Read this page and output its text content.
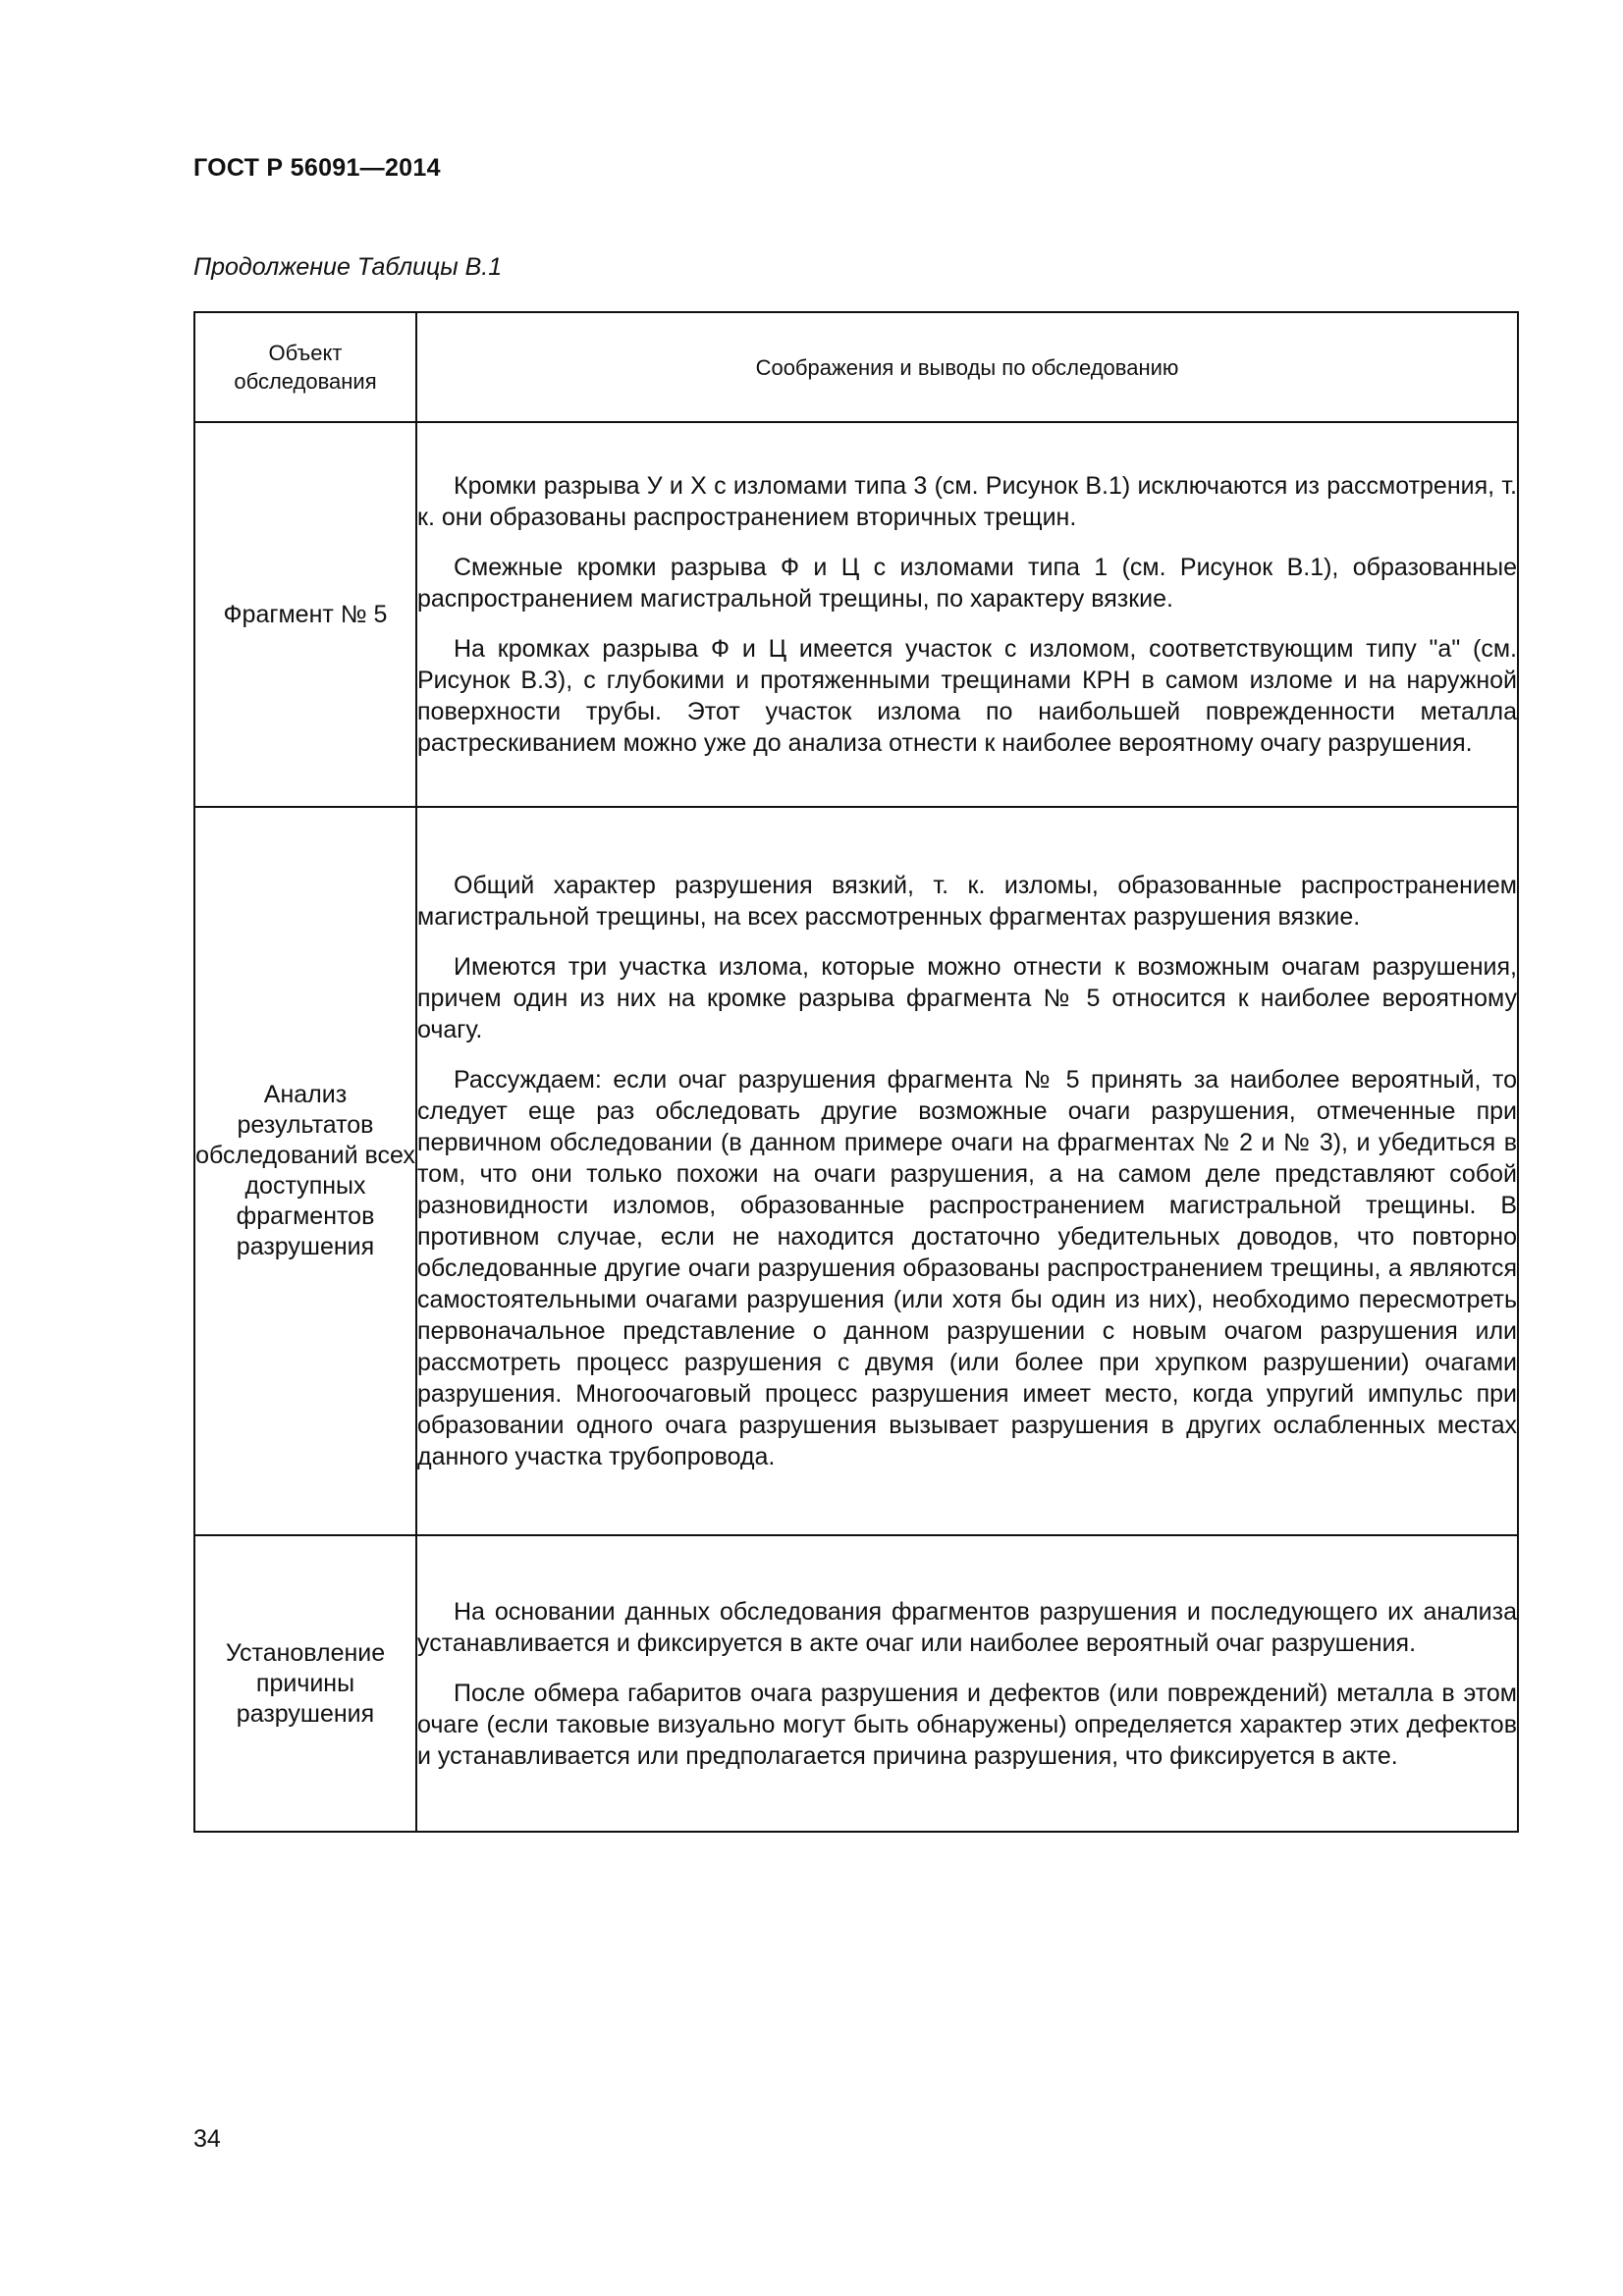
ГОСТ Р 56091—2014
Продолжение Таблицы В.1
Объект обследования	Соображения и выводы по обследованию
Фрагмент № 5	Кромки разрыва У и Х с изломами типа 3 (см. Рисунок В.1) исключаются из рассмотрения, т. к. они образованы распространением вторичных трещин.

Смежные кромки разрыва Ф и Ц с изломами типа 1 (см. Рисунок В.1), образованные распространением магистральной трещины, по характеру вязкие.

На кромках разрыва Ф и Ц имеется участок с изломом, соответствующим типу "а" (см. Рисунок В.3), с глубокими и протяженными трещинами КРН в самом изломе и на наружной поверхности трубы. Этот участок излома по наибольшей поврежденности металла растрескиванием можно уже до анализа отнести к наиболее вероятному очагу разрушения.

Анализ результатов обследований всех доступных фрагментов разрушения	Общий характер разрушения вязкий, т. к. изломы, образованные распространением магистральной трещины, на всех рассмотренных фрагментах разрушения вязкие.

Имеются три участка излома, которые можно отнести к возможным очагам разрушения, причем один из них на кромке разрыва фрагмента № 5 относится к наиболее вероятному очагу.

Рассуждаем: если очаг разрушения фрагмента № 5 принять за наиболее вероятный, то следует еще раз обследовать другие возможные очаги разрушения, отмеченные при первичном обследовании (в данном примере очаги на фрагментах № 2 и № 3), и убедиться в том, что они только похожи на очаги разрушения, а на самом деле представляют собой разновидности изломов, образованные распространением магистральной трещины. В противном случае, если не находится достаточно убедительных доводов, что повторно обследованные другие очаги разрушения образованы распространением трещины, а являются самостоятельными очагами разрушения (или хотя бы один из них), необходимо пересмотреть первоначальное представление о данном разрушении с новым очагом разрушения или рассмотреть процесс разрушения с двумя (или более при хрупком разрушении) очагами разрушения. Многоочаговый процесс разрушения имеет место, когда упругий импульс при образовании одного очага разрушения вызывает разрушения в других ослабленных местах данного участка трубопровода.

Установление причины разрушения	На основании данных обследования фрагментов разрушения и последующего их анализа устанавливается и фиксируется в акте очаг или наиболее вероятный очаг разрушения.

После обмера габаритов очага разрушения и дефектов (или повреждений) металла в этом очаге (если таковые визуально могут быть обнаружены) определяется характер этих дефектов и устанавливается или предполагается причина разрушения, что фиксируется в акте.

34
